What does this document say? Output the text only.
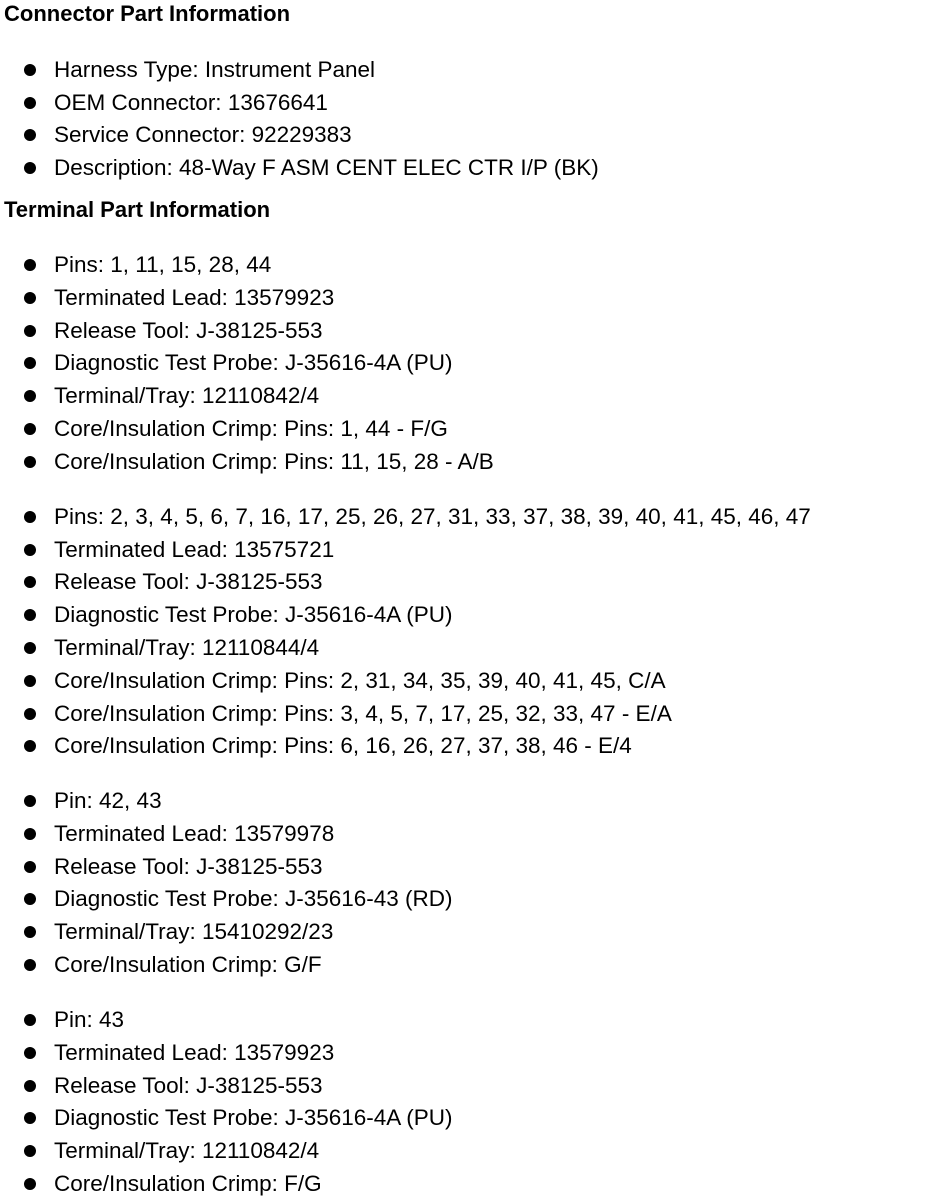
Connector Part Information
Harness Type: Instrument Panel
OEM Connector: 13676641
Service Connector: 92229383
Description: 48-Way F ASM CENT ELEC CTR I/P (BK)
Terminal Part Information
Pins: 1, 11, 15, 28, 44
Terminated Lead: 13579923
Release Tool: J-38125-553
Diagnostic Test Probe: J-35616-4A (PU)
Terminal/Tray: 12110842/4
Core/Insulation Crimp: Pins: 1, 44 - F/G
Core/Insulation Crimp: Pins: 11, 15, 28 - A/B
Pins: 2, 3, 4, 5, 6, 7, 16, 17, 25, 26, 27, 31, 33, 37, 38, 39, 40, 41, 45, 46, 47
Terminated Lead: 13575721
Release Tool: J-38125-553
Diagnostic Test Probe: J-35616-4A (PU)
Terminal/Tray: 12110844/4
Core/Insulation Crimp: Pins: 2, 31, 34, 35, 39, 40, 41, 45, C/A
Core/Insulation Crimp: Pins: 3, 4, 5, 7, 17, 25, 32, 33, 47 - E/A
Core/Insulation Crimp: Pins: 6, 16, 26, 27, 37, 38, 46 - E/4
Pin: 42, 43
Terminated Lead: 13579978
Release Tool: J-38125-553
Diagnostic Test Probe: J-35616-43 (RD)
Terminal/Tray: 15410292/23
Core/Insulation Crimp: G/F
Pin: 43
Terminated Lead: 13579923
Release Tool: J-38125-553
Diagnostic Test Probe: J-35616-4A (PU)
Terminal/Tray: 12110842/4
Core/Insulation Crimp: F/G
